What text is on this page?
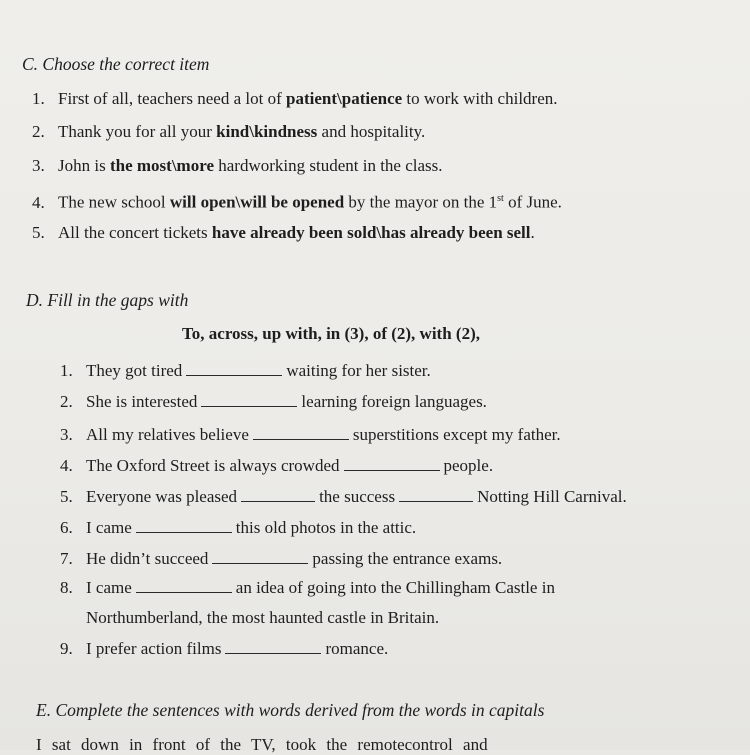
C. Choose the correct item
1. First of all, teachers need a lot of patient\patience to work with children.
2. Thank you for all your kind\kindness and hospitality.
3. John is the most\more hardworking student in the class.
4. The new school will open\will be opened by the mayor on the 1st of June.
5. All the concert tickets have already been sold\has already been sell.
D. Fill in the gaps with
To, across, up with, in (3), of (2), with (2),
1. They got tired	waiting for her sister.
2. She is interested	learning foreign languages.
3. All my relatives believe	superstitions except my father.
4. The Oxford Street is always crowded	people.
5. Everyone was pleased	the success	Notting Hill Carnival.
6. I came	this old photos in the attic.
7. He didn’t succeed	passing the entrance exams.
8. I came	an idea of going into the Chillingham Castle in
Northumberland, the most haunted castle in Britain.
9. I prefer action films	romance.
E. Complete the sentences with words derived from the words in capitals
I sat down in front of the TV, took the remotecontrol and
